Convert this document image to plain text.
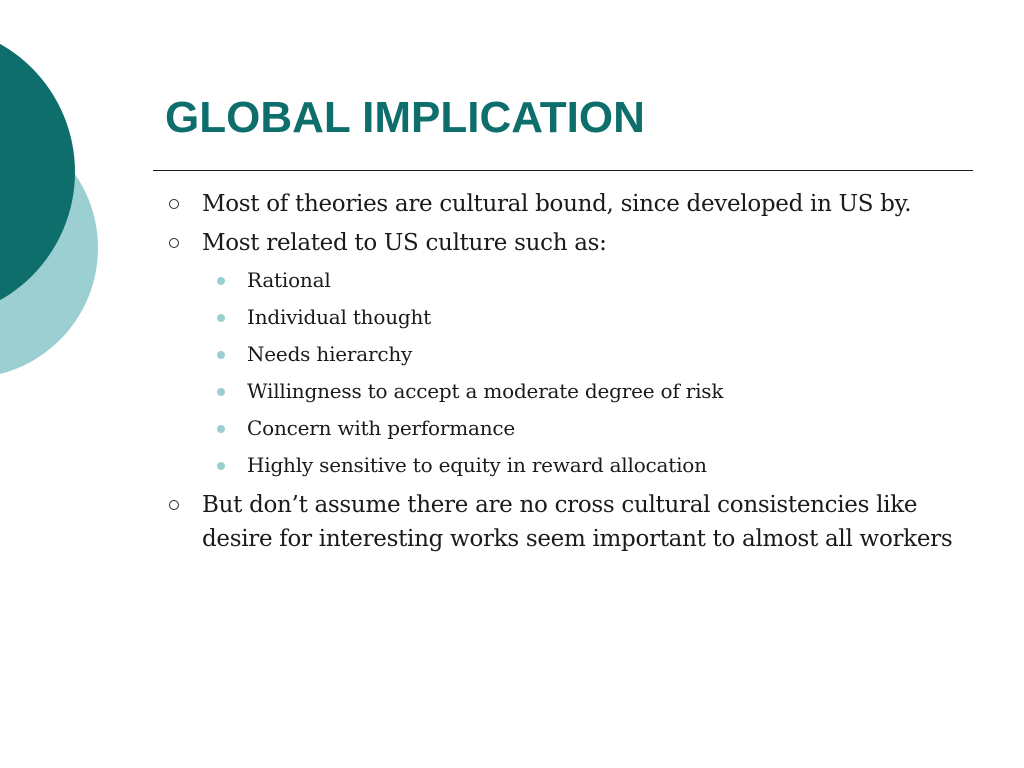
GLOBAL IMPLICATION
Most of theories are cultural bound, since developed in US by.
Most related to US culture such as:
Rational
Individual thought
Needs hierarchy
Willingness to accept a moderate degree of risk
Concern with performance
Highly sensitive to equity in reward allocation
But don’t assume there are no cross cultural consistencies like desire for interesting works seem important to almost all workers
